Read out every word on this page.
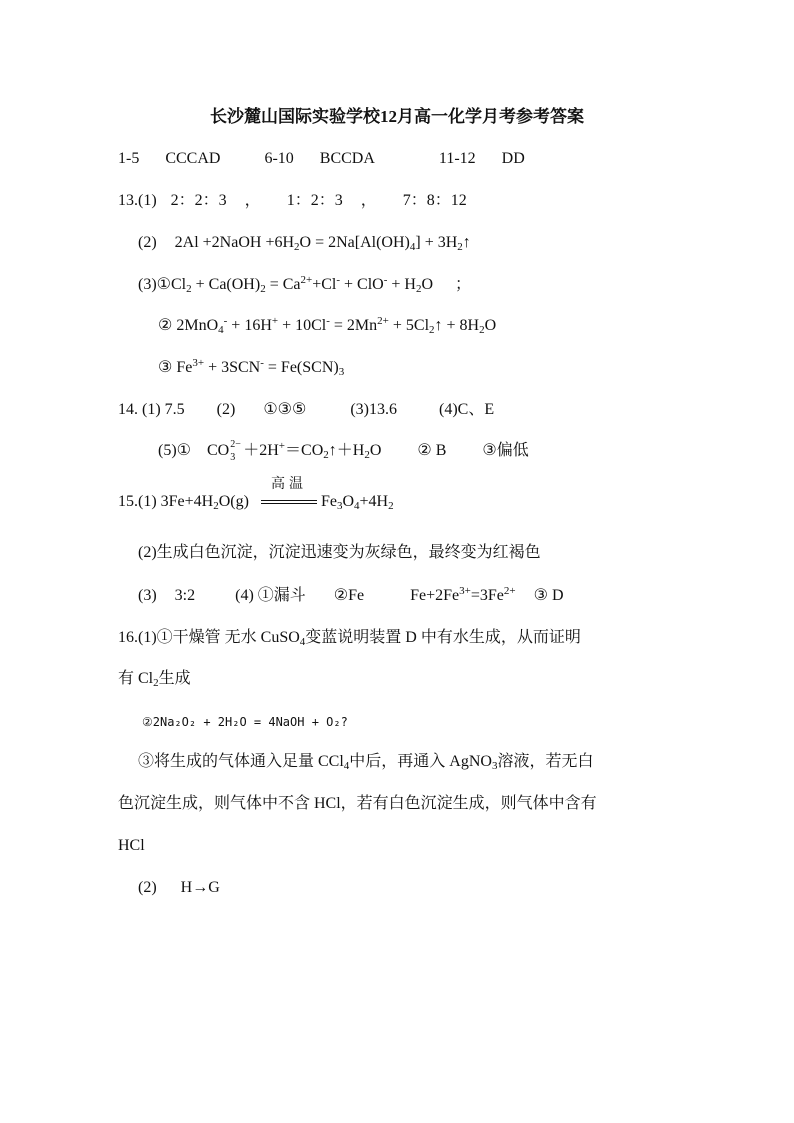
长沙麓山国际实验学校12月高一化学月考参考答案
1-5 CCCAD	6-10 BCCDA	11-12 DD
13.(1) 2：2：3 ， 1：2：3 ， 7：8：12
(2) 2Al +2NaOH $+6H_2O = 2Na[Al(OH)_4]$ + $3H_2↑$
$(3)①Cl_2 + Ca(OH)_2 = Ca^{2+}+Cl^- + ClO^- + H_2O$ ；
② $2MnO_4^- + 16H^+ + 10Cl^- = 2Mn^{2+}$ + $5Cl_2↑ + 8H_2O$
③ $Fe^{3+} + 3SCN^- = Fe(SCN)_3$
14. (1) 7.5 (2) ①③⑤	(3)13.6	(4)C、E
(5)① CO 2−
$3 +2H^+=CO_2↑+H_2O$ ② B ③偏低
15.(1) $3Fe+4H_2O(g)$
高温
$Fe_3O_4+4H_2$
(2)生成白色沉淀，沉淀迅速变为灰绿色，最终变为红褐色
(3) 3:2	(4) ①漏斗 ②Fe	$Fe+2Fe^{3+}=3Fe^{2+}$ ③ D
16.(1)①干燥管 无水 CuSO$_4$变蓝说明装置 D 中有水生成，从而证明
有 $Cl_2$生成
②2Na₂O₂ + 2H₂O = 4NaOH + O₂?
③将生成的气体通入足量 CCl$_4$中后，再通入 AgNO$_3$溶液，若无白
色沉淀生成，则气体中不含 HCl，若有白色沉淀生成，则气体中含有
HCl
(2) H→G
